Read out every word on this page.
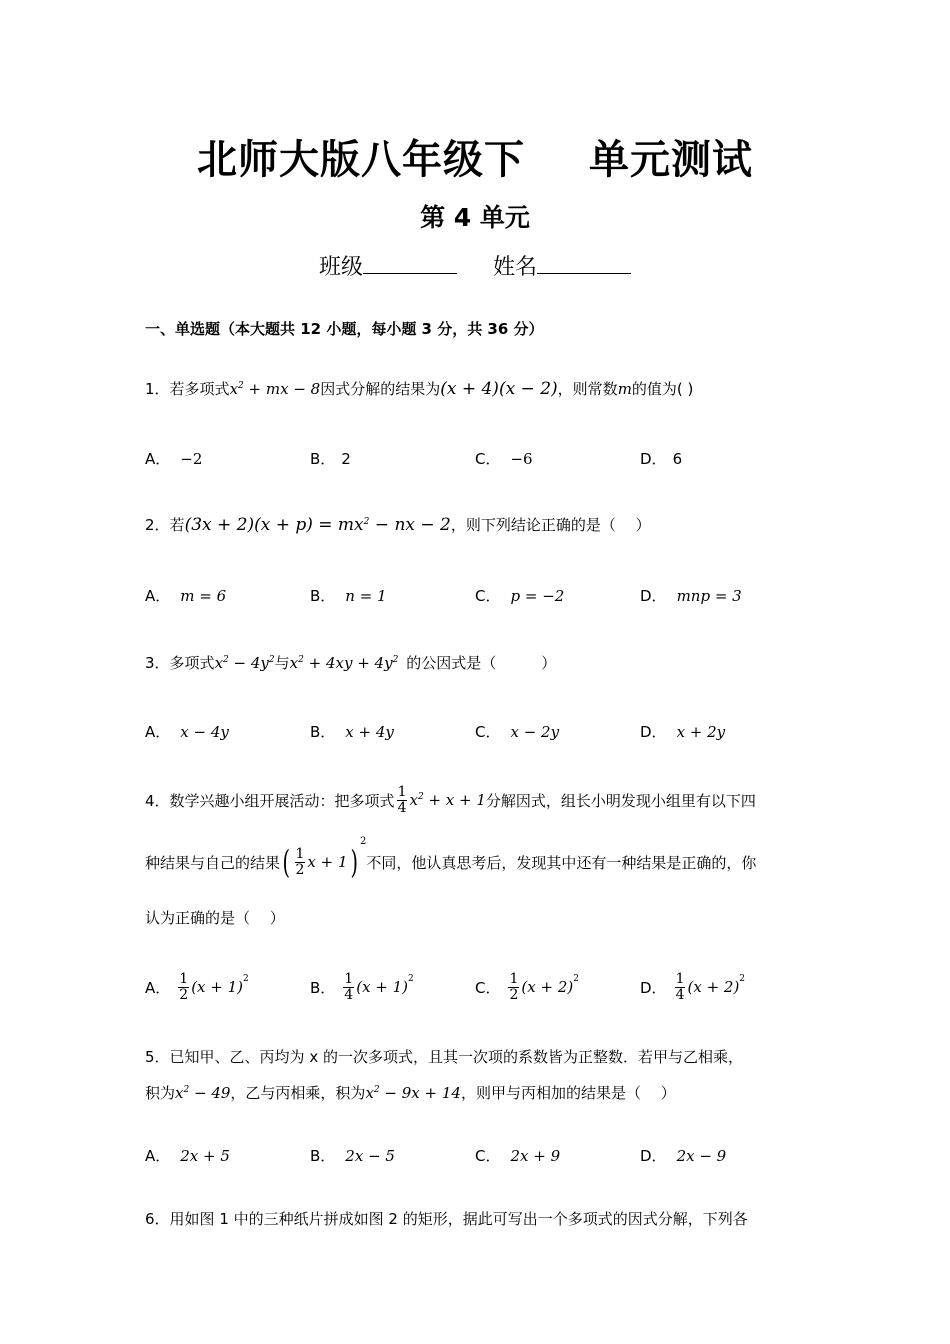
北师大版八年级下 单元测试
第 4 单元
班级	姓名
一、单选题（本大题共 12 小题，每小题 3 分，共 36 分）
1．若多项式$x^2$ + mx − 8因式分解的结果为(x + 4)(x − 2)，则常数m的值为( )
A． −2	B． 2	C． −6	D． 6
2．若$(3x + 2)(x + p) = mx^2$ − nx − 2，则下列结论正确的是（　 ）
A． m = 6	B． n = 1	C． p = −2	D． mnp = 3
3．多项式$x^2 - 4y^2$与$x^2 + 4xy + 4y^2$ 的公因式是（　　　）
A． x − 4y	B． x + 4y	C． x − 2y	D． x + 2y
4． 数学兴趣小组开展活动：把多项式 $\frac{1}{4} x^2 + x + 1$ 分解因式，组长小明发现小组里有以下四
种结果与自己的结果 ( $\frac{1}{2}$ x + 1 )
2
不同，他认真思考后，发现其中还有一种结果是正确的，你
认为正确的是（　 ）
A． $\frac{1}{2} (x + 1)$ 2	B． $\frac{1}{4} (x + 1)$ 2	C． $\frac{1}{2} (x + 2)$ 2	D． $\frac{1}{4} (x + 2)$ 2
5．已知甲、乙、丙均为 x 的一次多项式，且其一次项的系数皆为正整数．若甲与乙相乘，
积为$x^2 - 49$，乙与丙相乘，积为$x^2 - 9x + 14$，则甲与丙相加的结果是（　 ）
A． 2x + 5	B． 2x − 5	C． 2x + 9	D． 2x − 9
6．用如图 1 中的三种纸片拼成如图 2 的矩形，据此可写出一个多项式的因式分解，下列各
